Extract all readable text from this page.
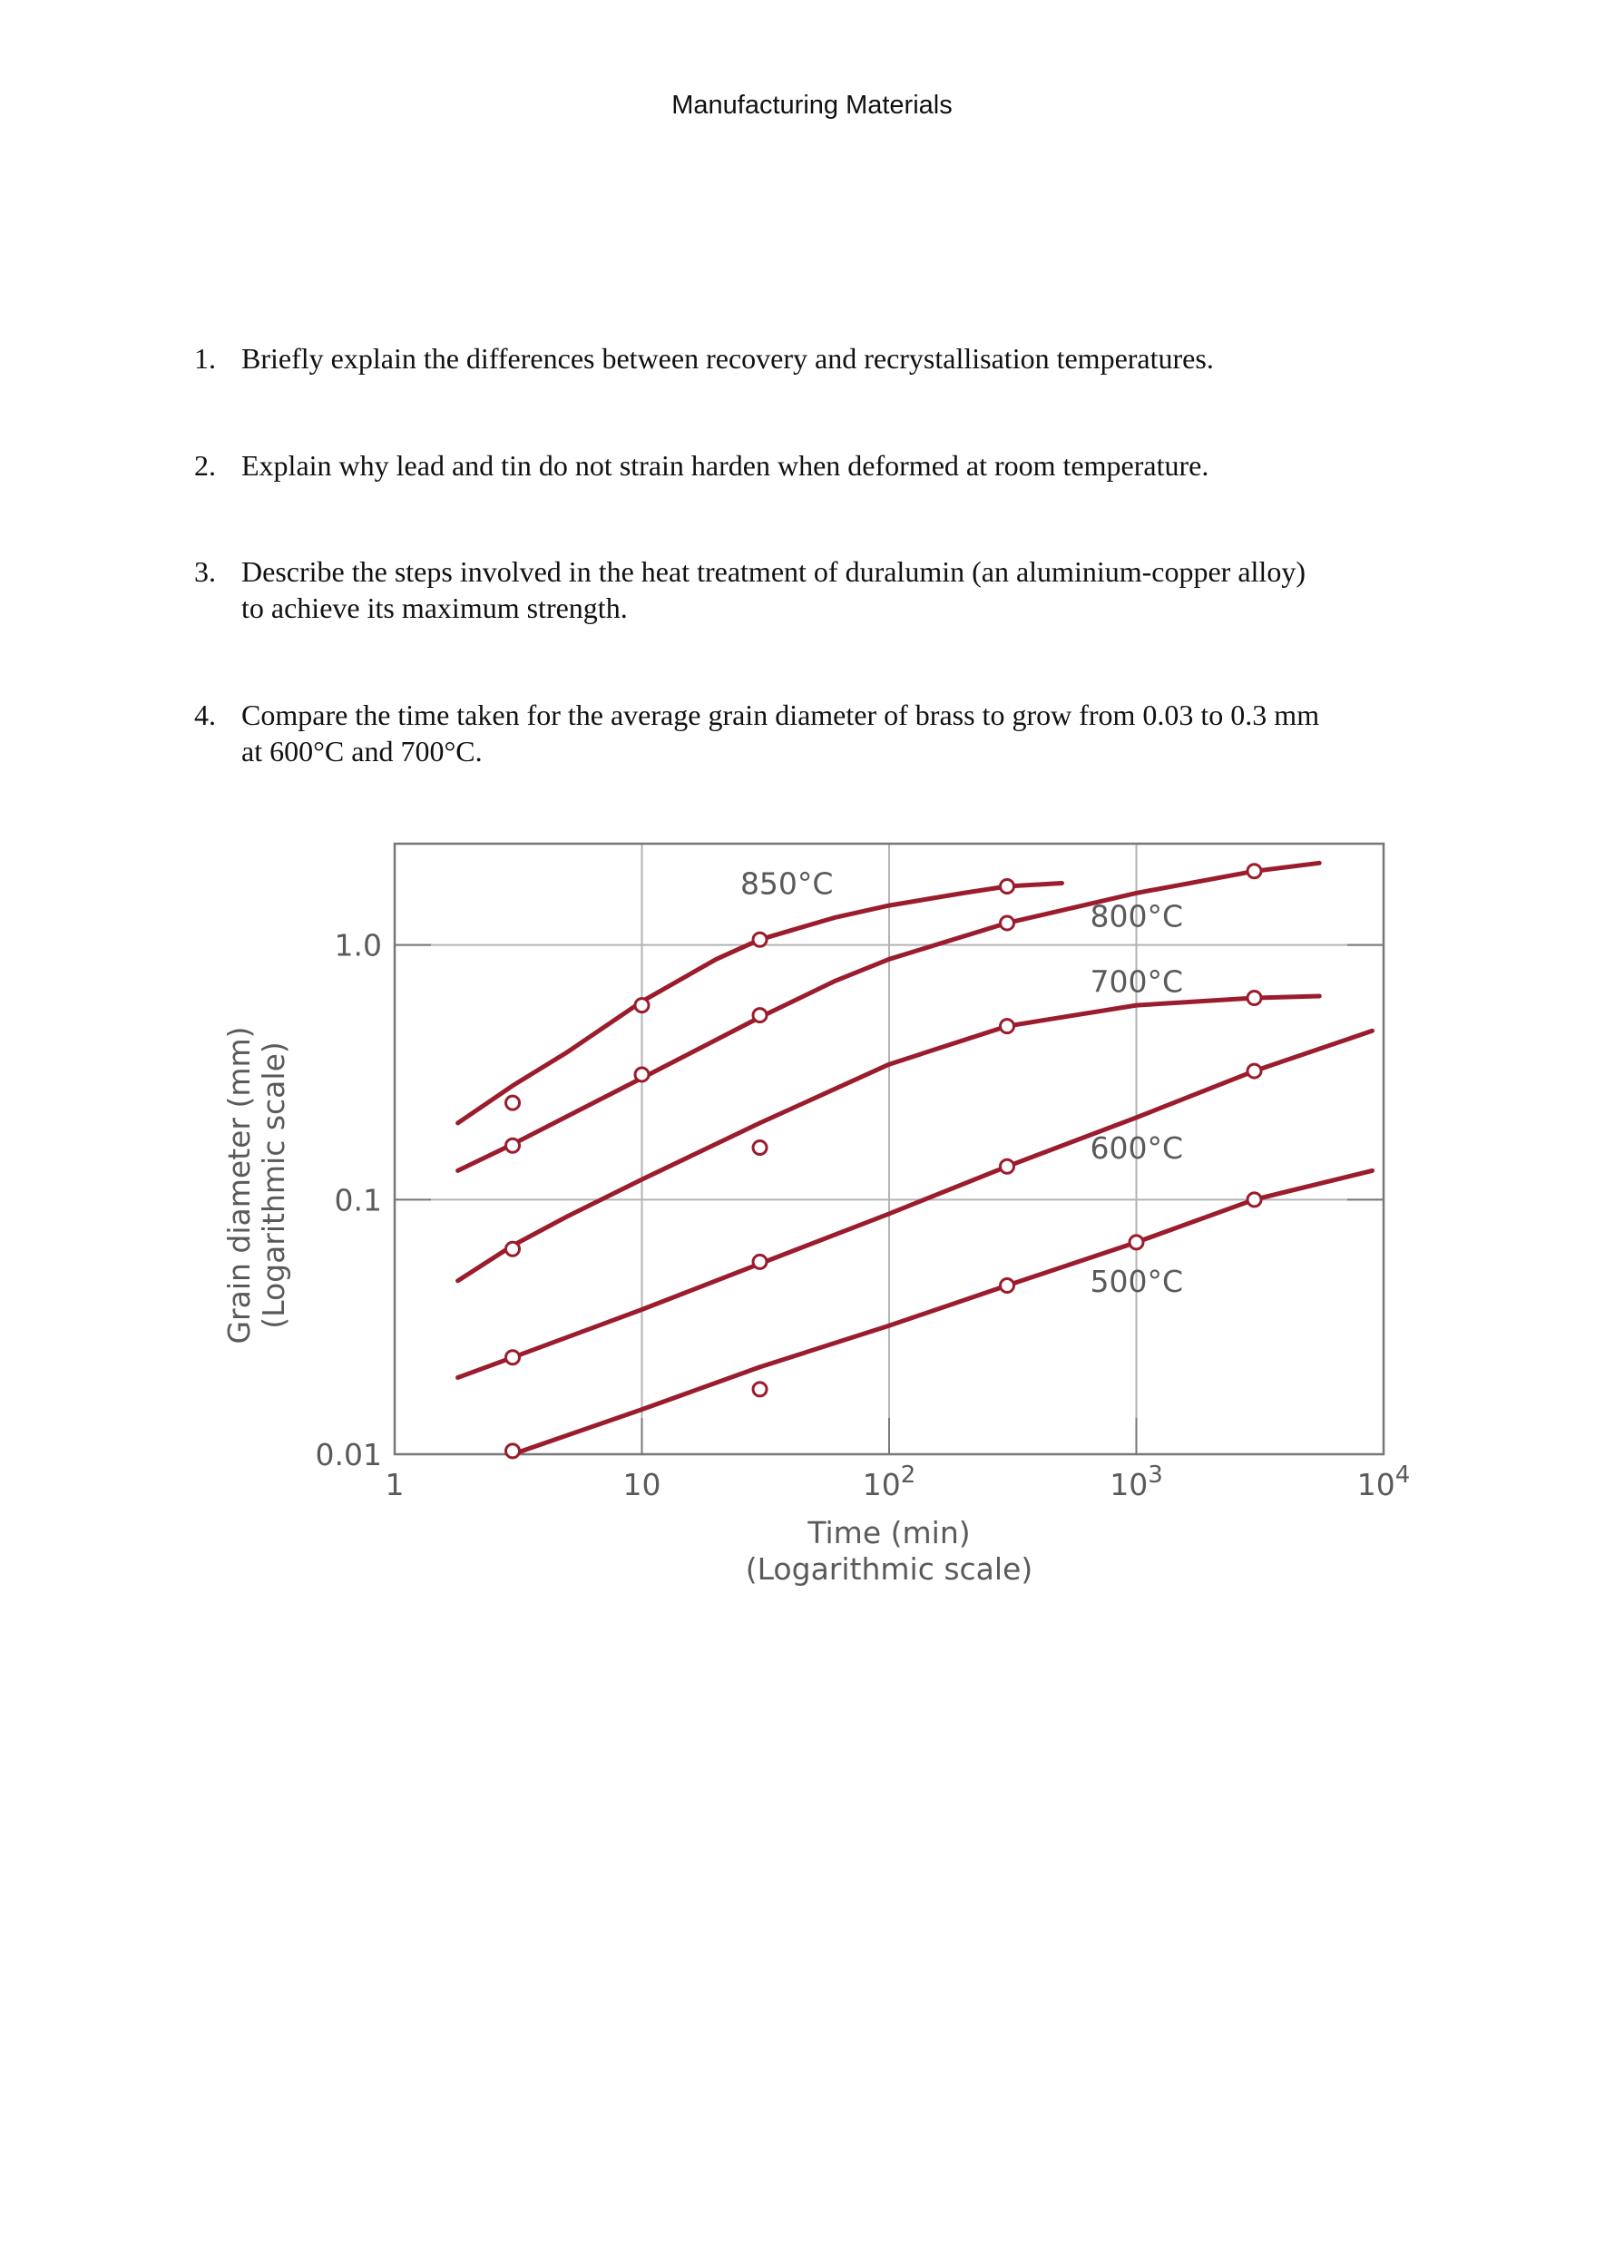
Manufacturing Materials
1. Briefly explain the differences between recovery and recrystallisation temperatures.
2. Explain why lead and tin do not strain harden when deformed at room temperature.
3. Describe the steps involved in the heat treatment of duralumin (an aluminium-copper alloy)
to achieve its maximum strength.
4. Compare the time taken for the average grain diameter of brass to grow from 0.03 to 0.3 mm
at 600°C and 700°C.
0.01
0.1
1.0
1	10	$10^2$	$10^3$	$10^4$
Time (min)
(Logarithmic scale)
Grain diameter (mm) (Logarithmic scale)
850°C
800°C
700°C
600°C
500°C
